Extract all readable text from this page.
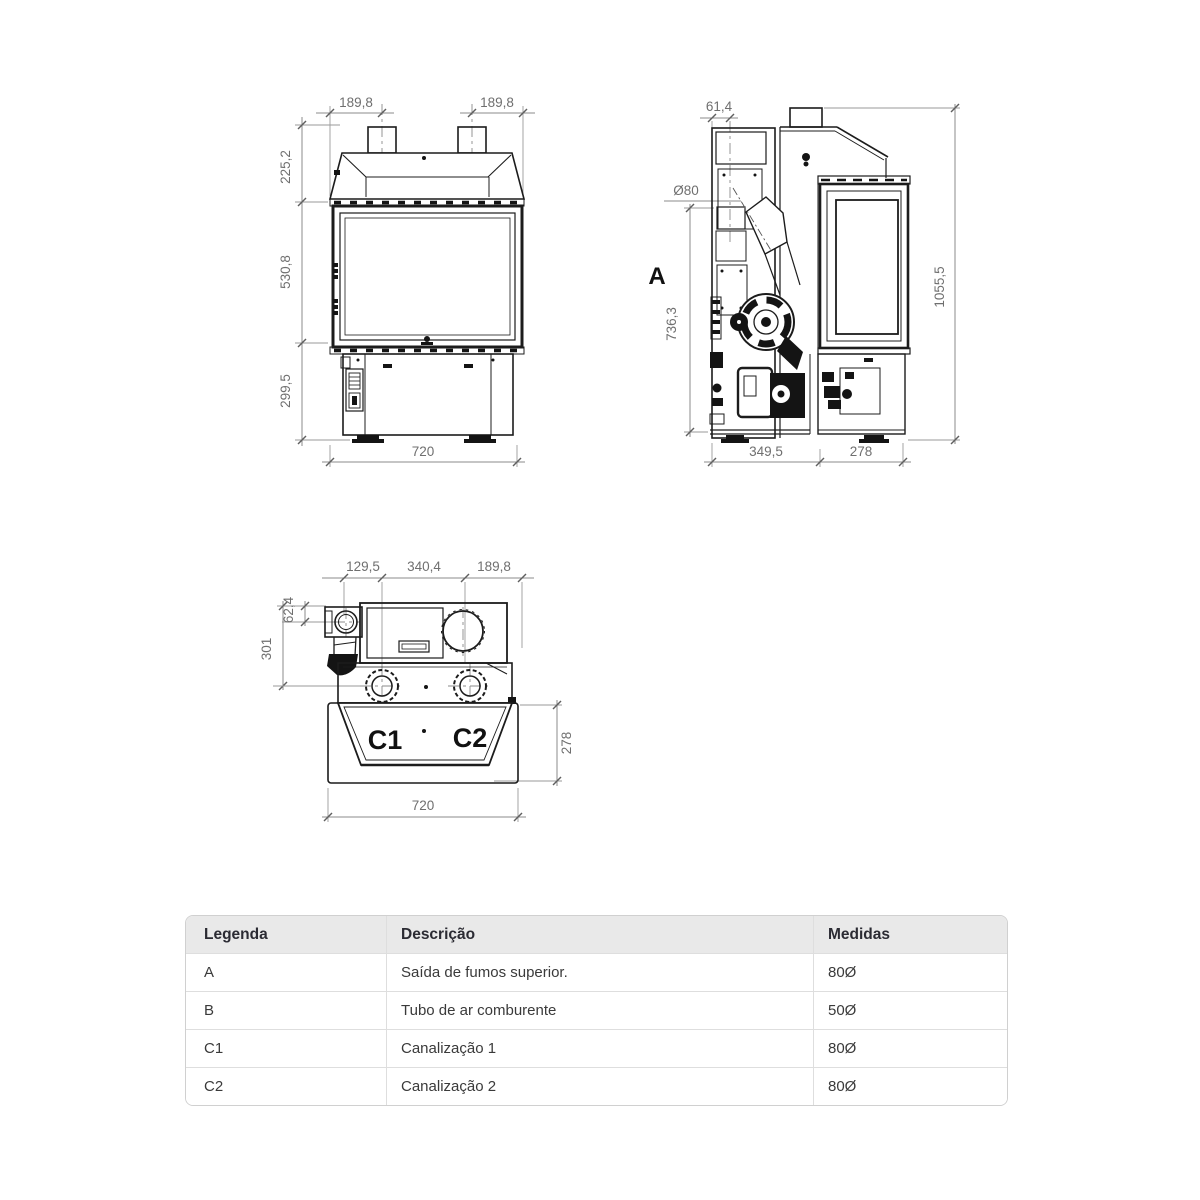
189,8	189,8
225,2
530,8
299,5
720
61,4
Ø80
736,3
1055,5
349,5	278
A
129,5 340,4	189,8
62,4
301
278
720
C1 C2
Legenda	Descrição	Medidas
A	Saída de fumos superior.	80Ø
B	Tubo de ar comburente	50Ø
C1	Canalização 1	80Ø
C2	Canalização 2	80Ø
